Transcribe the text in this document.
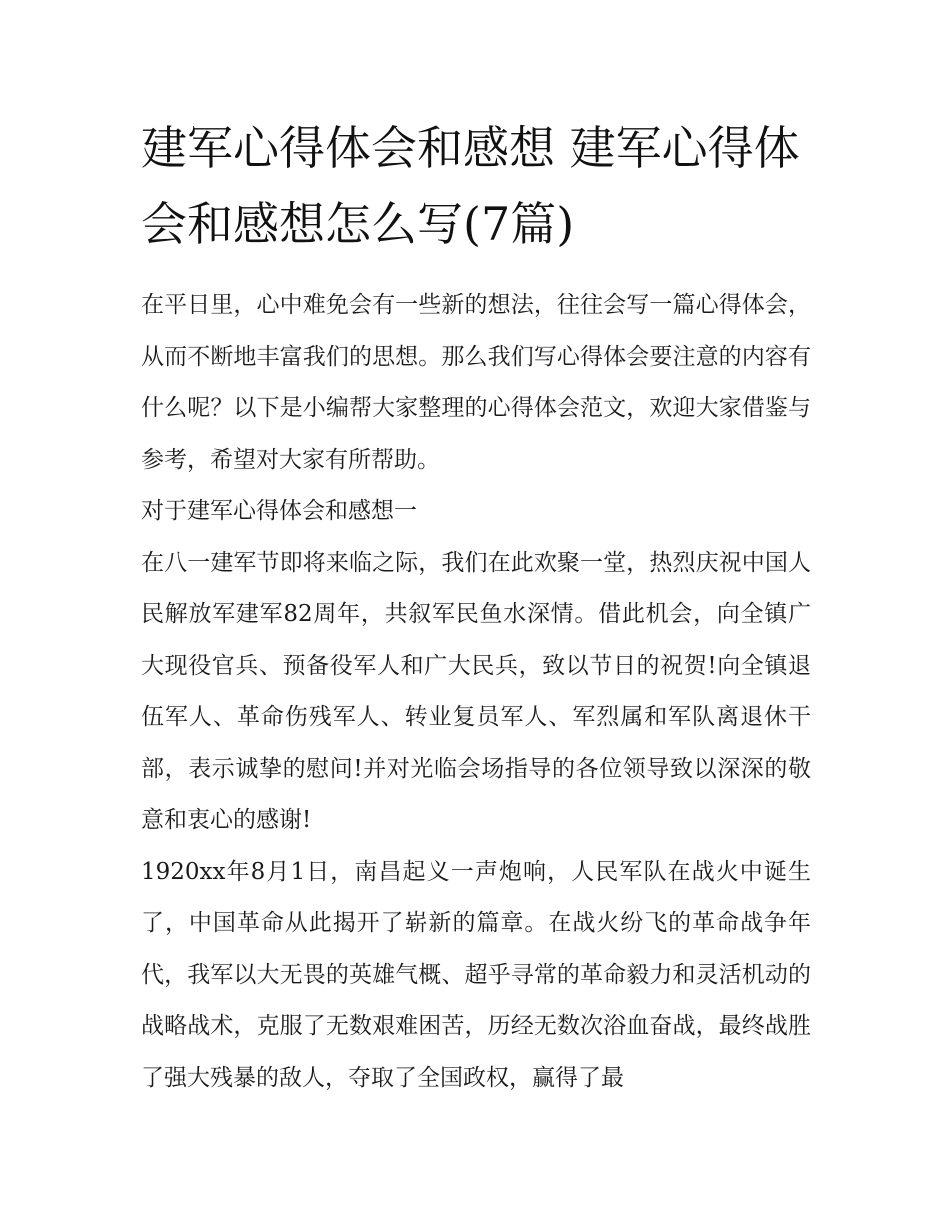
建军心得体会和感想 建军心得体会和感想怎么写(7篇)

在平日里，心中难免会有一些新的想法，往往会写一篇心得体会，从而不断地丰富我们的思想。那么我们写心得体会要注意的内容有什么呢？以下是小编帮大家整理的心得体会范文，欢迎大家借鉴与参考，希望对大家有所帮助。

对于建军心得体会和感想一

在八一建军节即将来临之际，我们在此欢聚一堂，热烈庆祝中国人民解放军建军82周年，共叙军民鱼水深情。借此机会，向全镇广大现役官兵、预备役军人和广大民兵，致以节日的祝贺!向全镇退伍军人、革命伤残军人、转业复员军人、军烈属和军队离退休干部，表示诚挚的慰问!并对光临会场指导的各位领导致以深深的敬意和衷心的感谢!

1920xx年8月1日，南昌起义一声炮响，人民军队在战火中诞生了，中国革命从此揭开了崭新的篇章。在战火纷飞的革命战争年代，我军以大无畏的英雄气概、超乎寻常的革命毅力和灵活机动的战略战术，克服了无数艰难困苦，历经无数次浴血奋战，最终战胜了强大残暴的敌人，夺取了全国政权，赢得了最
